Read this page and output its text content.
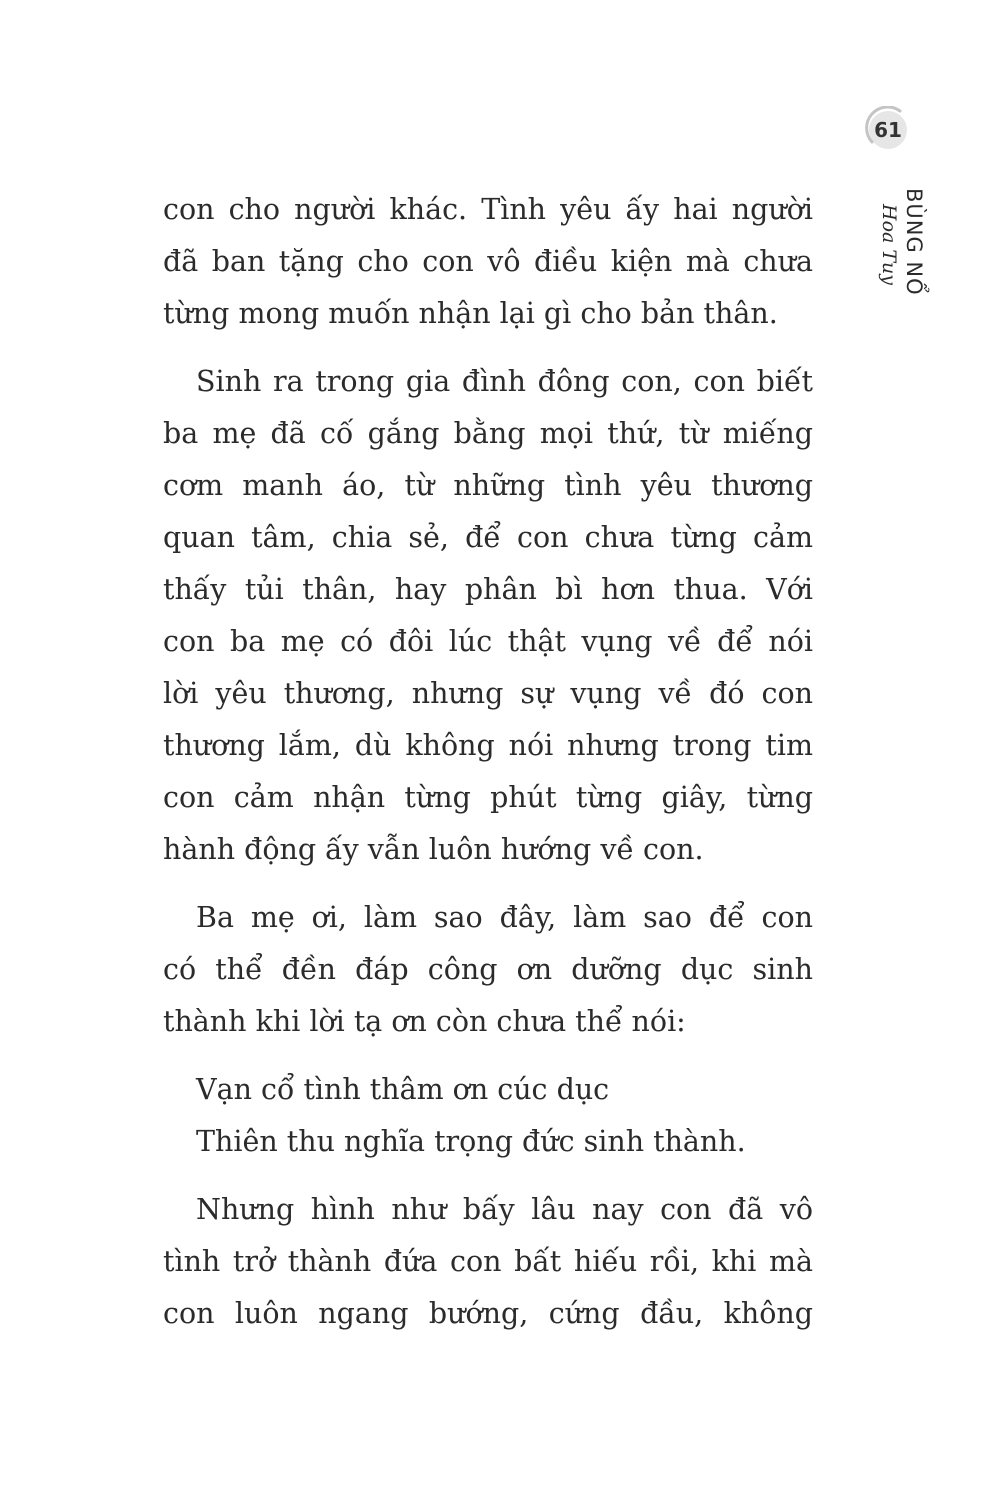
61
BÙNG NỔ
Hoa Tuy

con cho người khác. Tình yêu ấy hai người
đã ban tặng cho con vô điều kiện mà chưa
từng mong muốn nhận lại gì cho bản thân.

Sinh ra trong gia đình đông con, con biết
ba mẹ đã cố gắng bằng mọi thứ, từ miếng
cơm manh áo, từ những tình yêu thương
quan tâm, chia sẻ, để con chưa từng cảm
thấy tủi thân, hay phân bì hơn thua. Với
con ba mẹ có đôi lúc thật vụng về để nói
lời yêu thương, nhưng sự vụng về đó con
thương lắm, dù không nói nhưng trong tim
con cảm nhận từng phút từng giây, từng
hành động ấy vẫn luôn hướng về con.

Ba mẹ ơi, làm sao đây, làm sao để con
có thể đền đáp công ơn dưỡng dục sinh
thành khi lời tạ ơn còn chưa thể nói:

Vạn cổ tình thâm ơn cúc dục
Thiên thu nghĩa trọng đức sinh thành.

Nhưng hình như bấy lâu nay con đã vô
tình trở thành đứa con bất hiếu rồi, khi mà
con luôn ngang bướng, cứng đầu, không
